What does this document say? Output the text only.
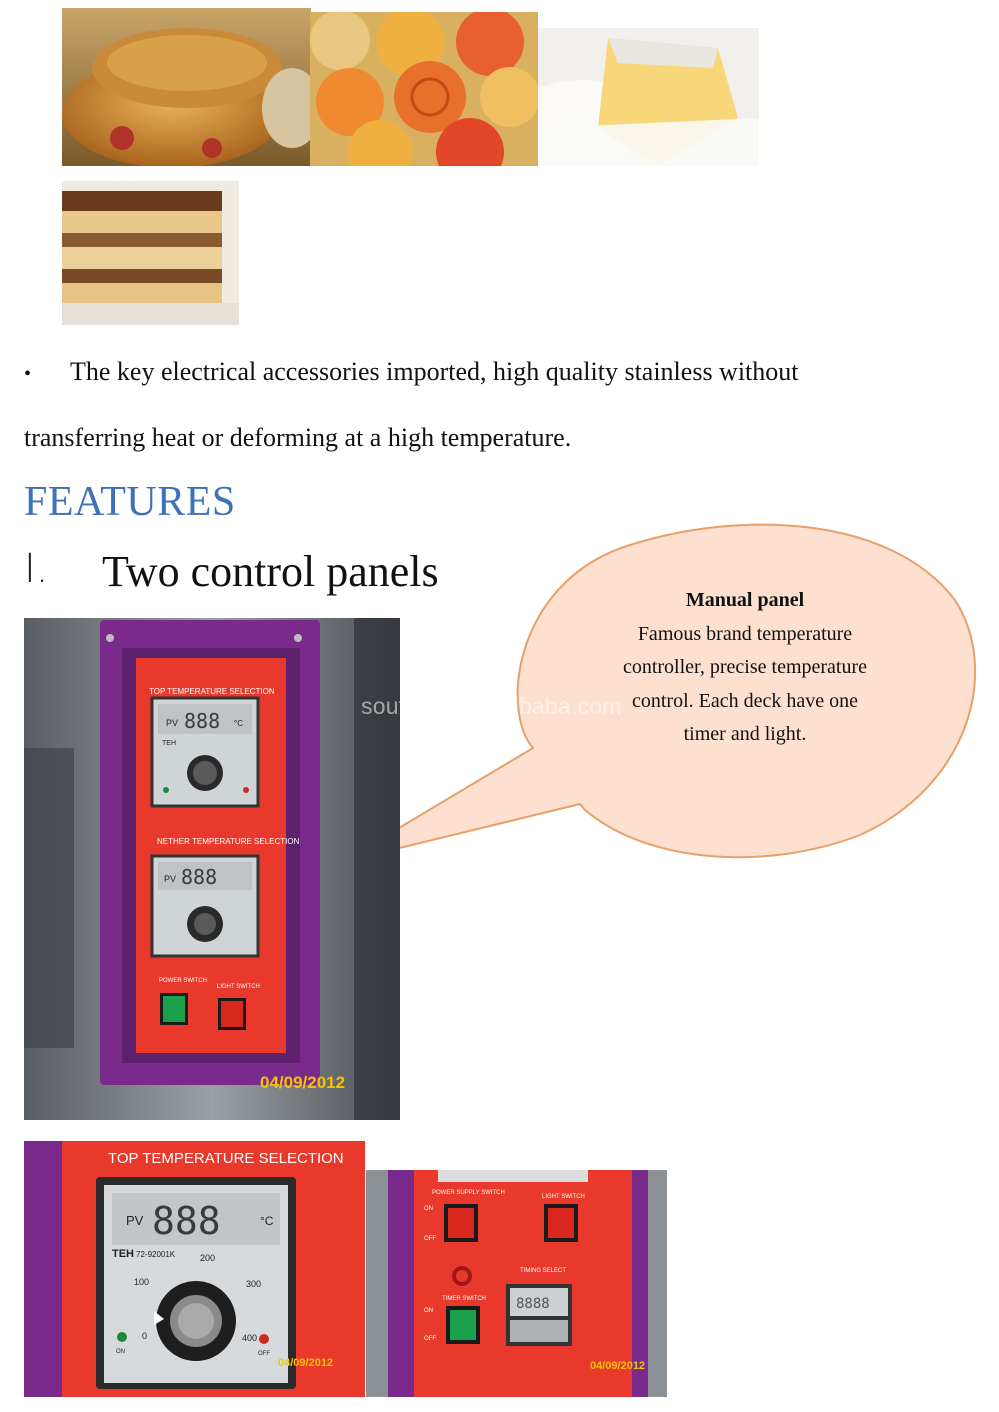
• The key electrical accessories imported, high quality stainless without
transferring heat or deforming at a high temperature.
FEATURES
I. Two control panels
Manual panel
Famous brand temperature
controller, precise temperature
control. Each deck have one
timer and light.
TOP TEMPERATURE SELECTION
PV 888 °C
TEH
NETHER TEMPERATURE SELECTION
PV 888
POWER SWITCH
LIGHT SWITCH
04/09/2012
southstar.en.alibaba.com
TOP TEMPERATURE SELECTION
PV 888	°C
TEH 72-92001K	200
100	300
0	400
ON	OFF
04/09/2012
POWER SUPPLY SWITCH
LIGHT SWITCH
ON
OFF
TIMING SELECT
TIMER SWITCH 8888
ON
OFF
04/09/2012
